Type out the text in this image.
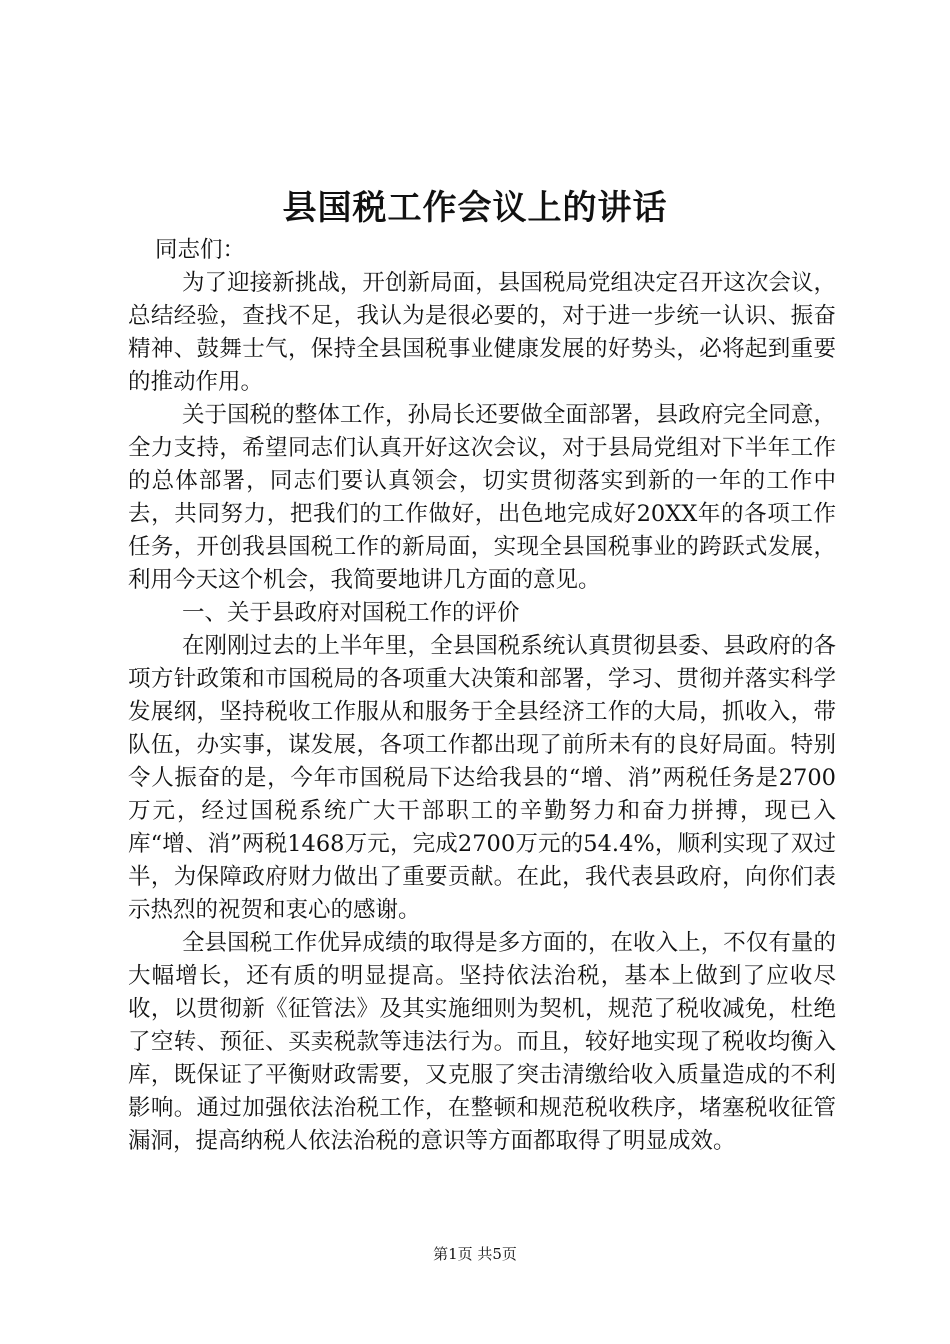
县国税工作会议上的讲话

同志们：

为了迎接新挑战，开创新局面，县国税局党组决定召开这次会议，总结经验，查找不足，我认为是很必要的，对于进一步统一认识、振奋精神、鼓舞士气，保持全县国税事业健康发展的好势头，必将起到重要的推动作用。

关于国税的整体工作，孙局长还要做全面部署，县政府完全同意，全力支持，希望同志们认真开好这次会议，对于县局党组对下半年工作的总体部署，同志们要认真领会，切实贯彻落实到新的一年的工作中去，共同努力，把我们的工作做好，出色地完成好20XX年的各项工作任务，开创我县国税工作的新局面，实现全县国税事业的跨跃式发展，利用今天这个机会，我简要地讲几方面的意见。

一、关于县政府对国税工作的评价

在刚刚过去的上半年里，全县国税系统认真贯彻县委、县政府的各项方针政策和市国税局的各项重大决策和部署，学习、贯彻并落实科学发展纲，坚持税收工作服从和服务于全县经济工作的大局，抓收入，带队伍，办实事，谋发展，各项工作都出现了前所未有的良好局面。特别令人振奋的是，今年市国税局下达给我县的“增、消”两税任务是2700万元，经过国税系统广大干部职工的辛勤努力和奋力拼搏，现已入库“增、消”两税1468万元，完成2700万元的54.4%，顺利实现了双过半，为保障政府财力做出了重要贡献。在此，我代表县政府，向你们表示热烈的祝贺和衷心的感谢。

全县国税工作优异成绩的取得是多方面的，在收入上，不仅有量的大幅增长，还有质的明显提高。坚持依法治税，基本上做到了应收尽收，以贯彻新《征管法》及其实施细则为契机，规范了税收减免，杜绝了空转、预征、买卖税款等违法行为。而且，较好地实现了税收均衡入库，既保证了平衡财政需要，又克服了突击清缴给收入质量造成的不利影响。通过加强依法治税工作，在整顿和规范税收秩序，堵塞税收征管漏洞，提高纳税人依法治税的意识等方面都取得了明显成效。

第1页 共5页
